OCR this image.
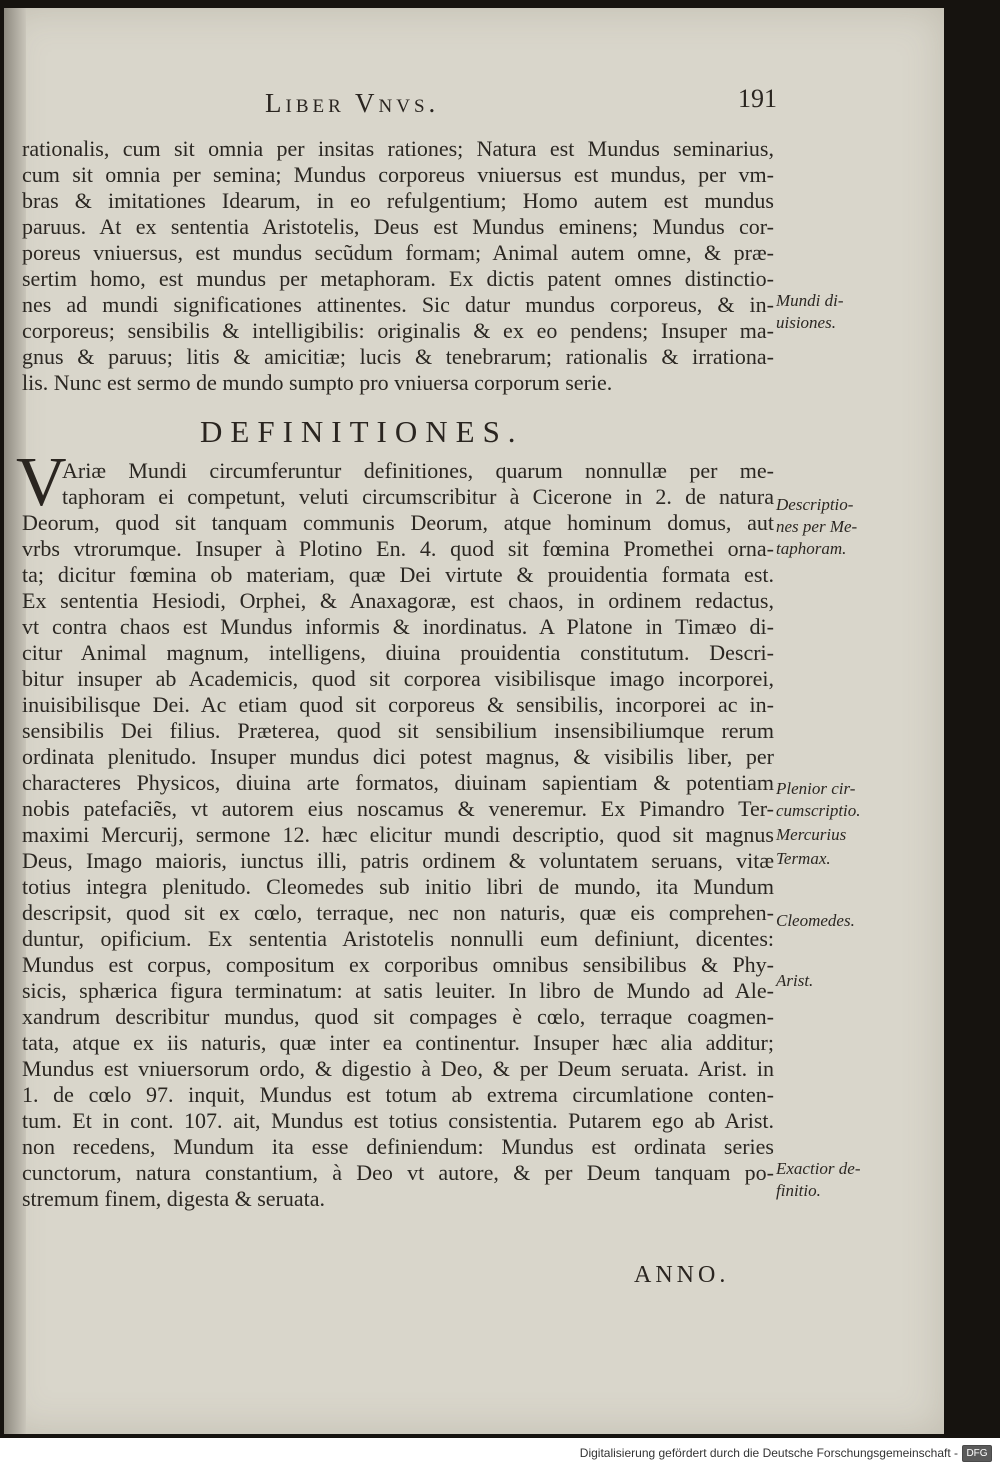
Liber Vnvs.	191
rationalis, cum sit omnia per insitas rationes; Natura est Mundus seminarius,
cum sit omnia per semina; Mundus corporeus vniuersus est mundus, per vm-
bras & imitationes Idearum, in eo refulgentium; Homo autem est mundus
paruus. At ex sententia Aristotelis, Deus est Mundus eminens; Mundus cor-
poreus vniuersus, est mundus secũdum formam; Animal autem omne, & præ-
sertim homo, est mundus per metaphoram. Ex dictis patent omnes distinctio-
nes ad mundi significationes attinentes. Sic datur mundus corporeus, & in-
corporeus; sensibilis & intelligibilis: originalis & ex eo pendens; Insuper ma-
gnus & paruus; litis & amicitiæ; lucis & tenebrarum; rationalis & irrationa-
lis. Nunc est sermo de mundo sumpto pro vniuersa corporum serie.
DEFINITIONES.
V
Ariæ Mundi circumferuntur definitiones, quarum nonnullæ per me-
taphoram ei competunt, veluti circumscribitur à Cicerone in 2. de natura
Deorum, quod sit tanquam communis Deorum, atque hominum domus, aut
vrbs vtrorumque. Insuper à Plotino En. 4. quod sit fœmina Promethei orna-
ta; dicitur fœmina ob materiam, quæ Dei virtute & prouidentia formata est.
Ex sententia Hesiodi, Orphei, & Anaxagoræ, est chaos, in ordinem redactus,
vt contra chaos est Mundus informis & inordinatus. A Platone in Timæo di-
citur Animal magnum, intelligens, diuina prouidentia constitutum. Descri-
bitur insuper ab Academicis, quod sit corporea visibilisque imago incorporei,
inuisibilisque Dei. Ac etiam quod sit corporeus & sensibilis, incorporei ac in-
sensibilis Dei filius. Præterea, quod sit sensibilium insensibiliumque rerum
ordinata plenitudo. Insuper mundus dici potest magnus, & visibilis liber, per
characteres Physicos, diuina arte formatos, diuinam sapientiam & potentiam
nobis patefaciẽs, vt autorem eius noscamus & veneremur. Ex Pimandro Ter-
maximi Mercurij, sermone 12. hæc elicitur mundi descriptio, quod sit magnus
Deus, Imago maioris, iunctus illi, patris ordinem & voluntatem seruans, vitæ
totius integra plenitudo. Cleomedes sub initio libri de mundo, ita Mundum
descripsit, quod sit ex cœlo, terraque, nec non naturis, quæ eis comprehen-
duntur, opificium. Ex sententia Aristotelis nonnulli eum definiunt, dicentes:
Mundus est corpus, compositum ex corporibus omnibus sensibilibus & Phy-
sicis, sphærica figura terminatum: at satis leuiter. In libro de Mundo ad Ale-
xandrum describitur mundus, quod sit compages è cœlo, terraque coagmen-
tata, atque ex iis naturis, quæ inter ea continentur. Insuper hæc alia additur;
Mundus est vniuersorum ordo, & digestio à Deo, & per Deum seruata. Arist. in
1. de cœlo 97. inquit, Mundus est totum ab extrema circumlatione conten-
tum. Et in cont. 107. ait, Mundus est totius consistentia. Putarem ego ab Arist.
non recedens, Mundum ita esse definiendum: Mundus est ordinata series
cunctorum, natura constantium, à Deo vt autore, & per Deum tanquam po-
stremum finem, digesta & seruata.
Mundi di-
uisiones.
Descriptio-
nes per Me-
taphoram.
Plenior cir-
cumscriptio.
Mercurius
Termax.
Cleomedes.
Arist.
Exactior de-
finitio.
ANNO.
Digitalisierung gefördert durch die Deutsche Forschungsgemeinschaft - DFG
